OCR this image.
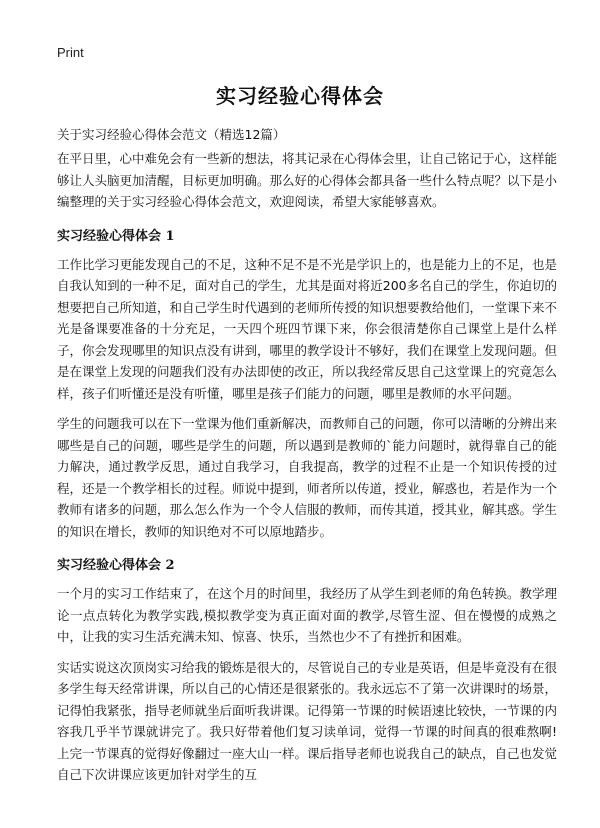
Print
实习经验心得体会
关于实习经验心得体会范文（精选12篇）

在平日里，心中难免会有一些新的想法，将其记录在心得体会里，让自己铭记于心，这样能够让人头脑更加清醒，目标更加明确。那么好的心得体会都具备一些什么特点呢？以下是小编整理的关于实习经验心得体会范文，欢迎阅读，希望大家能够喜欢。

实习经验心得体会 1

工作比学习更能发现自己的不足，这种不足不是不光是学识上的，也是能力上的不足，也是自我认知到的一种不足，面对自己的学生，尤其是面对将近200多名自己的学生，你迫切的想要把自己所知道，和自己学生时代遇到的老师所传授的知识想要教给他们，一堂课下来不光是备课要准备的十分充足，一天四个班四节课下来，你会很清楚你自己课堂上是什么样子，你会发现哪里的知识点没有讲到，哪里的教学设计不够好，我们在课堂上发现问题。但是在课堂上发现的问题我们没有办法即使的改正，所以我经常反思自己这堂课上的究竟怎么样，孩子们听懂还是没有听懂，哪里是孩子们能力的问题，哪里是教师的水平问题。

学生的问题我可以在下一堂课为他们重新解决，而教师自己的问题，你可以清晰的分辨出来哪些是自己的问题，哪些是学生的问题，所以遇到是教师的`能力问题时，就得靠自己的能力解决，通过教学反思，通过自我学习，自我提高，教学的过程不止是一个知识传授的过程，还是一个教学相长的过程。师说中提到，师者所以传道，授业，解惑也，若是作为一个教师有诸多的问题，那么怎么作为一个令人信服的教师，而传其道，授其业，解其惑。学生的知识在增长，教师的知识绝对不可以原地踏步。

实习经验心得体会 2

一个月的实习工作结束了，在这个月的时间里，我经历了从学生到老师的角色转换。教学理论一点点转化为教学实践,模拟教学变为真正面对面的教学,尽管生涩、但在慢慢的成熟之中，让我的实习生活充满未知、惊喜、快乐，当然也少不了有挫折和困难。

实话实说这次顶岗实习给我的锻炼是很大的，尽管说自己的专业是英语，但是毕竟没有在很多学生每天经常讲课，所以自己的心情还是很紧张的。我永远忘不了第一次讲课时的场景，记得怕我紧张，指导老师就坐后面听我讲课。记得第一节课的时候语速比较快，一节课的内容我几乎半节课就讲完了。我只好带着他们复习读单词，觉得一节课的时间真的很难熬啊!上完一节课真的觉得好像翻过一座大山一样。课后指导老师也说我自己的缺点，自己也发觉自己下次讲课应该更加针对学生的互
